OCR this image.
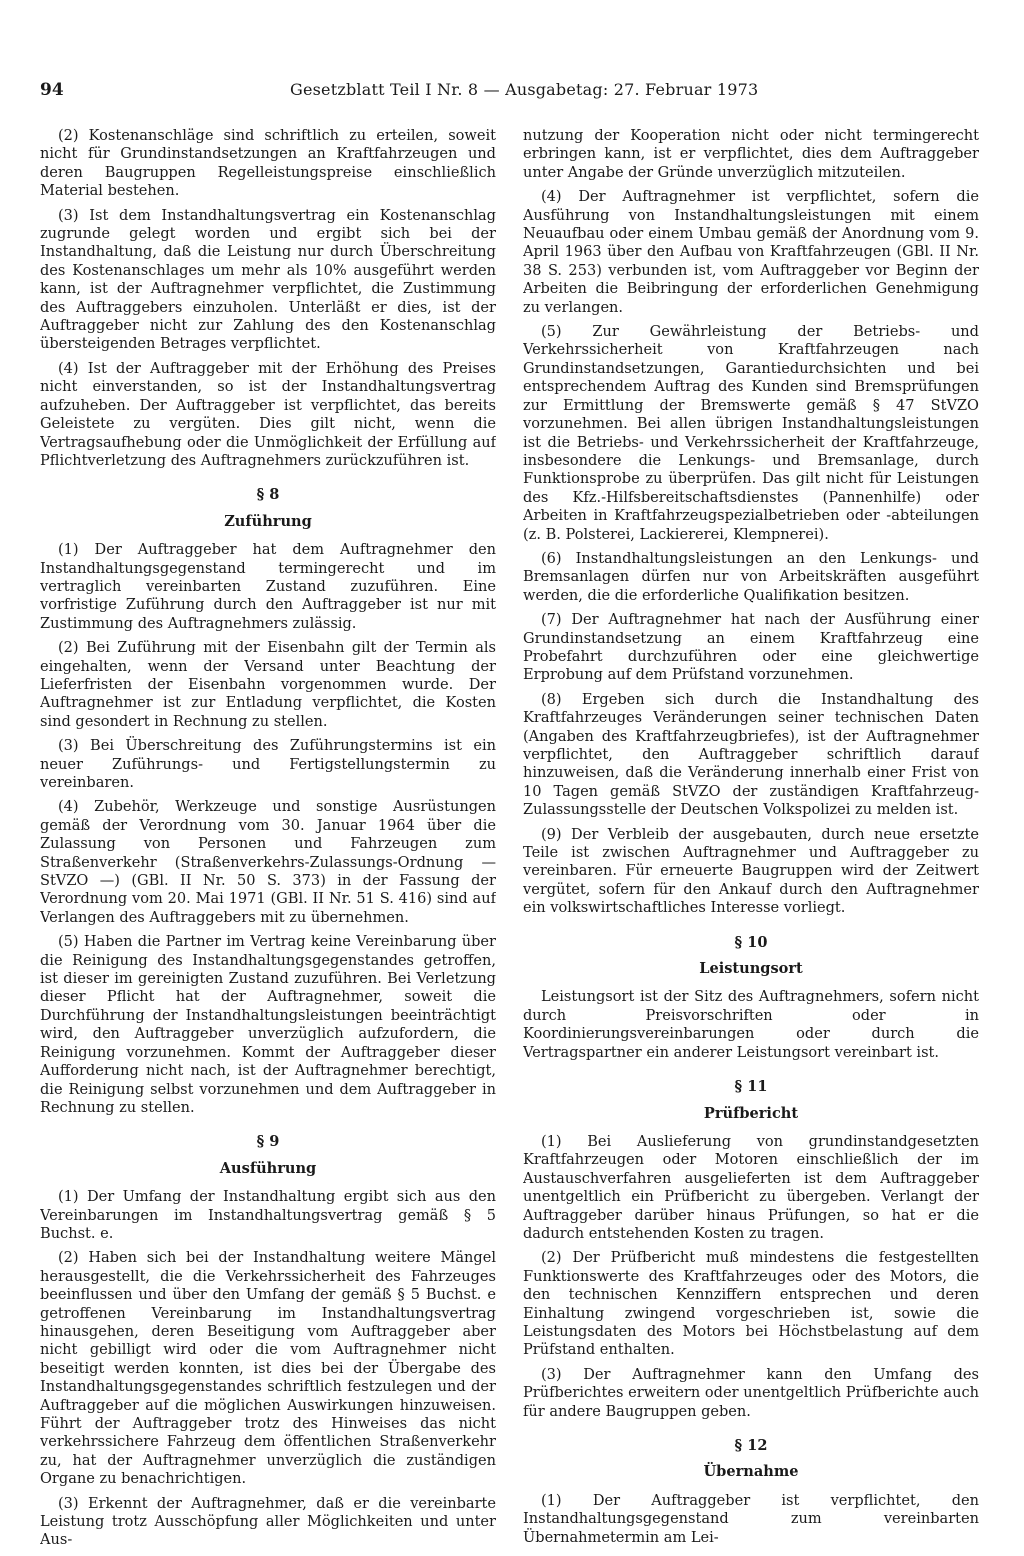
94	Gesetzblatt Teil I Nr. 8 — Ausgabetag: 27. Februar 1973

(2) Kostenanschläge sind schriftlich zu erteilen, soweit nicht für Grundinstandsetzungen an Kraftfahrzeugen und deren Baugruppen Regelleistungspreise einschließlich Material bestehen.

(3) Ist dem Instandhaltungsvertrag ein Kostenanschlag zugrunde gelegt worden und ergibt sich bei der Instandhaltung, daß die Leistung nur durch Überschreitung des Kostenanschlages um mehr als 10% ausgeführt werden kann, ist der Auftragnehmer verpflichtet, die Zustimmung des Auftraggebers einzuholen. Unterläßt er dies, ist der Auftraggeber nicht zur Zahlung des den Kostenanschlag übersteigenden Betrages verpflichtet.

(4) Ist der Auftraggeber mit der Erhöhung des Preises nicht einverstanden, so ist der Instandhaltungsvertrag aufzuheben. Der Auftraggeber ist verpflichtet, das bereits Geleistete zu vergüten. Dies gilt nicht, wenn die Vertragsaufhebung oder die Unmöglichkeit der Erfüllung auf Pflichtverletzung des Auftragnehmers zurückzuführen ist.

§ 8
Zuführung

(1) Der Auftraggeber hat dem Auftragnehmer den Instandhaltungsgegenstand termingerecht und im vertraglich vereinbarten Zustand zuzuführen. Eine vorfristige Zuführung durch den Auftraggeber ist nur mit Zustimmung des Auftragnehmers zulässig.

(2) Bei Zuführung mit der Eisenbahn gilt der Termin als eingehalten, wenn der Versand unter Beachtung der Lieferfristen der Eisenbahn vorgenommen wurde. Der Auftragnehmer ist zur Entladung verpflichtet, die Kosten sind gesondert in Rechnung zu stellen.

(3) Bei Überschreitung des Zuführungstermins ist ein neuer Zuführungs- und Fertigstellungstermin zu vereinbaren.

(4) Zubehör, Werkzeuge und sonstige Ausrüstungen gemäß der Verordnung vom 30. Januar 1964 über die Zulassung von Personen und Fahrzeugen zum Straßenverkehr (Straßenverkehrs-Zulassungs-Ordnung — StVZO —) (GBl. II Nr. 50 S. 373) in der Fassung der Verordnung vom 20. Mai 1971 (GBl. II Nr. 51 S. 416) sind auf Verlangen des Auftraggebers mit zu übernehmen.

(5) Haben die Partner im Vertrag keine Vereinbarung über die Reinigung des Instandhaltungsgegenstandes getroffen, ist dieser im gereinigten Zustand zuzuführen. Bei Verletzung dieser Pflicht hat der Auftragnehmer, soweit die Durchführung der Instandhaltungsleistungen beeinträchtigt wird, den Auftraggeber unverzüglich aufzufordern, die Reinigung vorzunehmen. Kommt der Auftraggeber dieser Aufforderung nicht nach, ist der Auftragnehmer berechtigt, die Reinigung selbst vorzunehmen und dem Auftraggeber in Rechnung zu stellen.

§ 9
Ausführung

(1) Der Umfang der Instandhaltung ergibt sich aus den Vereinbarungen im Instandhaltungsvertrag gemäß § 5 Buchst. e.

(2) Haben sich bei der Instandhaltung weitere Mängel herausgestellt, die die Verkehrssicherheit des Fahrzeuges beeinflussen und über den Umfang der gemäß § 5 Buchst. e getroffenen Vereinbarung im Instandhaltungsvertrag hinausgehen, deren Beseitigung vom Auftraggeber aber nicht gebilligt wird oder die vom Auftragnehmer nicht beseitigt werden konnten, ist dies bei der Übergabe des Instandhaltungsgegenstandes schriftlich festzulegen und der Auftraggeber auf die möglichen Auswirkungen hinzuweisen. Führt der Auftraggeber trotz des Hinweises das nicht verkehrssichere Fahrzeug dem öffentlichen Straßenverkehr zu, hat der Auftragnehmer unverzüglich die zuständigen Organe zu benachrichtigen.

(3) Erkennt der Auftragnehmer, daß er die vereinbarte Leistung trotz Ausschöpfung aller Möglichkeiten und unter Aus-

nutzung der Kooperation nicht oder nicht termingerecht erbringen kann, ist er verpflichtet, dies dem Auftraggeber unter Angabe der Gründe unverzüglich mitzuteilen.

(4) Der Auftragnehmer ist verpflichtet, sofern die Ausführung von Instandhaltungsleistungen mit einem Neuaufbau oder einem Umbau gemäß der Anordnung vom 9. April 1963 über den Aufbau von Kraftfahrzeugen (GBl. II Nr. 38 S. 253) verbunden ist, vom Auftraggeber vor Beginn der Arbeiten die Beibringung der erforderlichen Genehmigung zu verlangen.

(5) Zur Gewährleistung der Betriebs- und Verkehrssicherheit von Kraftfahrzeugen nach Grundinstandsetzungen, Garantiedurchsichten und bei entsprechendem Auftrag des Kunden sind Bremsprüfungen zur Ermittlung der Bremswerte gemäß § 47 StVZO vorzunehmen. Bei allen übrigen Instandhaltungsleistungen ist die Betriebs- und Verkehrssicherheit der Kraftfahrzeuge, insbesondere die Lenkungs- und Bremsanlage, durch Funktionsprobe zu überprüfen. Das gilt nicht für Leistungen des Kfz.-Hilfsbereitschaftsdienstes (Pannenhilfe) oder Arbeiten in Kraftfahrzeugspezialbetrieben oder -abteilungen (z. B. Polsterei, Lackiererei, Klempnerei).

(6) Instandhaltungsleistungen an den Lenkungs- und Bremsanlagen dürfen nur von Arbeitskräften ausgeführt werden, die die erforderliche Qualifikation besitzen.

(7) Der Auftragnehmer hat nach der Ausführung einer Grundinstandsetzung an einem Kraftfahrzeug eine Probefahrt durchzuführen oder eine gleichwertige Erprobung auf dem Prüfstand vorzunehmen.

(8) Ergeben sich durch die Instandhaltung des Kraftfahrzeuges Veränderungen seiner technischen Daten (Angaben des Kraftfahrzeugbriefes), ist der Auftragnehmer verpflichtet, den Auftraggeber schriftlich darauf hinzuweisen, daß die Veränderung innerhalb einer Frist von 10 Tagen gemäß StVZO der zuständigen Kraftfahrzeug-Zulassungsstelle der Deutschen Volkspolizei zu melden ist.

(9) Der Verbleib der ausgebauten, durch neue ersetzte Teile ist zwischen Auftragnehmer und Auftraggeber zu vereinbaren. Für erneuerte Baugruppen wird der Zeitwert vergütet, sofern für den Ankauf durch den Auftragnehmer ein volkswirtschaftliches Interesse vorliegt.

§ 10
Leistungsort

Leistungsort ist der Sitz des Auftragnehmers, sofern nicht durch Preisvorschriften oder in Koordinierungsvereinbarungen oder durch die Vertragspartner ein anderer Leistungsort vereinbart ist.

§ 11
Prüfbericht

(1) Bei Auslieferung von grundinstandgesetzten Kraftfahrzeugen oder Motoren einschließlich der im Austauschverfahren ausgelieferten ist dem Auftraggeber unentgeltlich ein Prüfbericht zu übergeben. Verlangt der Auftraggeber darüber hinaus Prüfungen, so hat er die dadurch entstehenden Kosten zu tragen.

(2) Der Prüfbericht muß mindestens die festgestellten Funktionswerte des Kraftfahrzeuges oder des Motors, die den technischen Kennziffern entsprechen und deren Einhaltung zwingend vorgeschrieben ist, sowie die Leistungsdaten des Motors bei Höchstbelastung auf dem Prüfstand enthalten.

(3) Der Auftragnehmer kann den Umfang des Prüfberichtes erweitern oder unentgeltlich Prüfberichte auch für andere Baugruppen geben.

§ 12
Übernahme

(1) Der Auftraggeber ist verpflichtet, den Instandhaltungsgegenstand zum vereinbarten Übernahmetermin am Lei-
